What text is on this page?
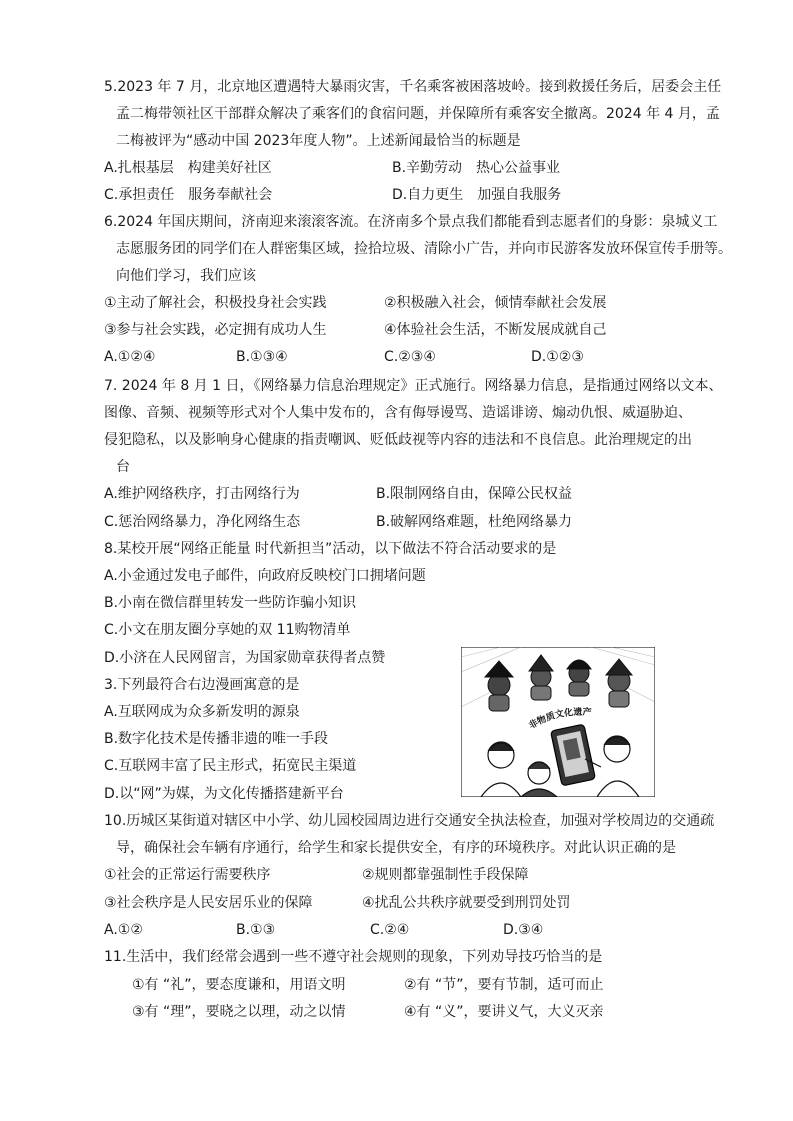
5.2023 年 7 月，北京地区遭遇特大暴雨灾害，千名乘客被困落坡岭。接到救援任务后，居委会主任
孟二梅带领社区干部群众解决了乘客们的食宿问题，并保障所有乘客安全撤离。2024 年 4 月，孟
二梅被评为“感动中国 2023年度人物”。上述新闻最恰当的标题是
A.扎根基层　构建美好社区	B.辛勤劳动　热心公益事业
C.承担责任　服务奉献社会	D.自力更生　加强自我服务
6.2024 年国庆期间，济南迎来滚滚客流。在济南多个景点我们都能看到志愿者们的身影：泉城义工
志愿服务团的同学们在人群密集区域，捡拾垃圾、清除小广告，并向市民游客发放环保宣传手册等。
向他们学习，我们应该
①主动了解社会，积极投身社会实践	②积极融入社会，倾情奉献社会发展
③参与社会实践，必定拥有成功人生	④体验社会生活，不断发展成就自己
A.①②④	B.①③④	C.②③④	D.①②③
7. 2024 年 8 月 1 日，《网络暴力信息治理规定》正式施行。网络暴力信息，是指通过网络以文本、
图像、音频、视频等形式对个人集中发布的，含有侮辱谩骂、造谣诽谤、煽动仇恨、威逼胁迫、
侵犯隐私，以及影响身心健康的指责嘲讽、贬低歧视等内容的违法和不良信息。此治理规定的出
台
A.维护网络秩序，打击网络行为	B.限制网络自由，保障公民权益
C.惩治网络暴力，净化网络生态	B.破解网络难题，杜绝网络暴力
8.某校开展“网络正能量 时代新担当”活动，以下做法不符合活动要求的是
A.小金通过发电子邮件，向政府反映校门口拥堵问题
B.小南在微信群里转发一些防诈骗小知识
C.小文在朋友圈分享她的双 11购物清单
D.小济在人民网留言，为国家勋章获得者点赞
3.下列最符合右边漫画寓意的是
A.互联网成为众多新发明的源泉
B.数字化技术是传播非遗的唯一手段
C.互联网丰富了民主形式，拓宽民主渠道
D.以“网”为媒，为文化传播搭建新平台
非物质文化遗产
10.历城区某街道对辖区中小学、幼儿园校园周边进行交通安全执法检查，加强对学校周边的交通疏
导，确保社会车辆有序通行，给学生和家长提供安全，有序的环境秩序。对此认识正确的是
①社会的正常运行需要秩序	②规则都靠强制性手段保障
③社会秩序是人民安居乐业的保障	④扰乱公共秩序就要受到刑罚处罚
A.①②	B.①③	C.②④	D.③④
11.生活中，我们经常会遇到一些不遵守社会规则的现象，下列劝导技巧恰当的是
①有 “礼”，要态度谦和，用语文明	②有 “节”，要有节制，适可而止
③有 “理”，要晓之以理，动之以情	④有 “义”，要讲义气，大义灭亲
